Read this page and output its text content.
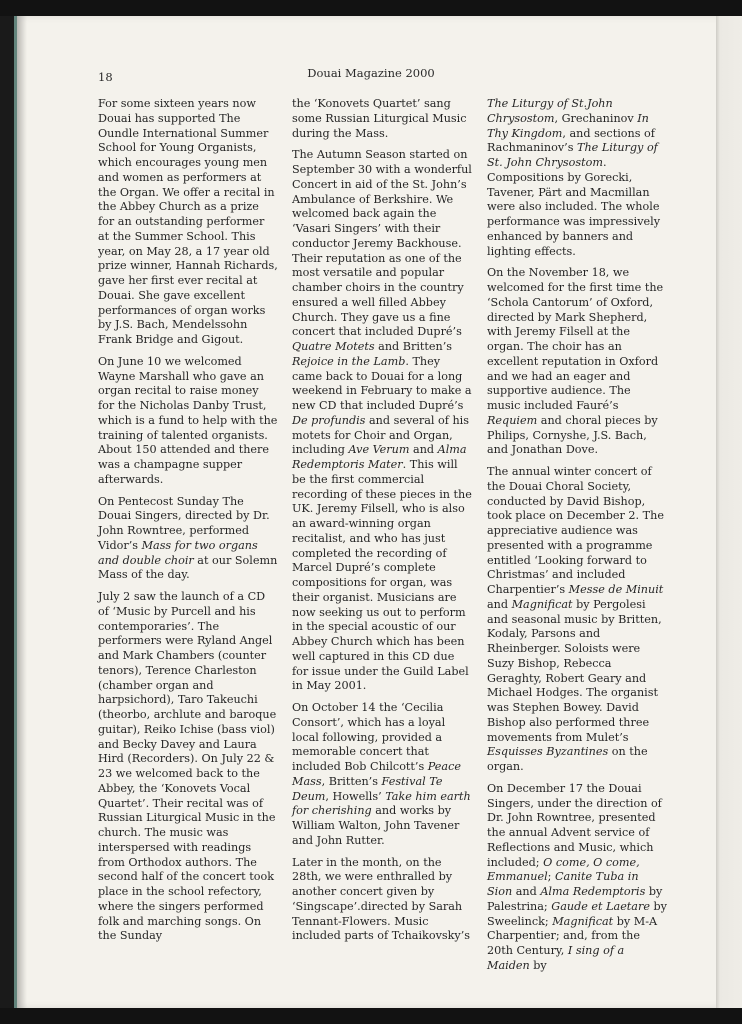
18	Douai Magazine 2000

For some sixteen years now Douai has supported The Oundle International Summer School for Young Organists, which encourages young men and women as performers at the Organ. We offer a recital in the Abbey Church as a prize for an outstanding performer at the Summer School. This year, on May 28, a 17 year old prize winner, Hannah Richards, gave her first ever recital at Douai. She gave excellent performances of organ works by J.S. Bach, Mendelssohn Frank Bridge and Gigout.

On June 10 we welcomed Wayne Marshall who gave an organ recital to raise money for the Nicholas Danby Trust, which is a fund to help with the training of talented organists. About 150 attended and there was a champagne supper afterwards.

On Pentecost Sunday The Douai Singers, directed by Dr. John Rowntree, performed Vidor’s Mass for two organs and double choir at our Solemn Mass of the day.

July 2 saw the launch of a CD of ‘Music by Purcell and his contemporaries’. The performers were Ryland Angel and Mark Chambers (counter tenors), Terence Charleston (chamber organ and harpsichord), Taro Takeuchi (theorbo, archlute and baroque guitar), Reiko Ichise (bass viol) and Becky Davey and Laura Hird (Recorders). On July 22 & 23 we welcomed back to the Abbey, the ‘Konovets Vocal Quartet’. Their recital was of Russian Liturgical Music in the church. The music was interspersed with readings from Orthodox authors. The second half of the concert took place in the school refectory, where the singers performed folk and marching songs. On the Sunday

the ‘Konovets Quartet’ sang some Russian Liturgical Music during the Mass.

The Autumn Season started on September 30 with a wonderful Concert in aid of the St. John’s Ambulance of Berkshire. We welcomed back again the ‘Vasari Singers’ with their conductor Jeremy Backhouse. Their reputation as one of the most versatile and popular chamber choirs in the country ensured a well filled Abbey Church. They gave us a fine concert that included Dupré’s Quatre Motets and Britten’s Rejoice in the Lamb. They came back to Douai for a long weekend in February to make a new CD that included Dupré’s De profundis and several of his motets for Choir and Organ, including Ave Verum and Alma Redemptoris Mater. This will be the first commercial recording of these pieces in the UK. Jeremy Filsell, who is also an award-winning organ recitalist, and who has just completed the recording of Marcel Dupré’s complete compositions for organ, was their organist. Musicians are now seeking us out to perform in the special acoustic of our Abbey Church which has been well captured in this CD due for issue under the Guild Label in May 2001.

On October 14 the ‘Cecilia Consort’, which has a loyal local following, provided a memorable concert that included Bob Chilcott’s Peace Mass, Britten’s Festival Te Deum, Howells’ Take him earth for cherishing and works by William Walton, John Tavener and John Rutter.

Later in the month, on the 28th, we were enthralled by another concert given by ‘Singscape’.directed by Sarah Tennant-Flowers. Music included parts of Tchaikovsky’s

The Liturgy of St.John Chrysostom, Grechaninov In Thy Kingdom, and sections of Rachmaninov’s The Liturgy of St. John Chrysostom. Compositions by Gorecki, Tavener, Pärt and Macmillan were also included. The whole performance was impressively enhanced by banners and lighting effects.

On the November 18, we welcomed for the first time the ‘Schola Cantorum’ of Oxford, directed by Mark Shepherd, with Jeremy Filsell at the organ. The choir has an excellent reputation in Oxford and we had an eager and supportive audience. The music included Fauré’s Requiem and choral pieces by Philips, Cornyshe, J.S. Bach, and Jonathan Dove.

The annual winter concert of the Douai Choral Society, conducted by David Bishop, took place on December 2. The appreciative audience was presented with a programme entitled ‘Looking forward to Christmas’ and included Charpentier’s Messe de Minuit and Magnificat by Pergolesi and seasonal music by Britten, Kodaly, Parsons and Rheinberger. Soloists were Suzy Bishop, Rebecca Geraghty, Robert Geary and Michael Hodges. The organist was Stephen Bowey. David Bishop also performed three movements from Mulet’s Esquisses Byzantines on the organ.

On December 17 the Douai Singers, under the direction of Dr. John Rowntree, presented the annual Advent service of Reflections and Music, which included; O come, O come, Emmanuel; Canite Tuba in Sion and Alma Redemptoris by Palestrina; Gaude et Laetare by Sweelinck; Magnificat by M-A Charpentier; and, from the 20th Century, I sing of a Maiden by
